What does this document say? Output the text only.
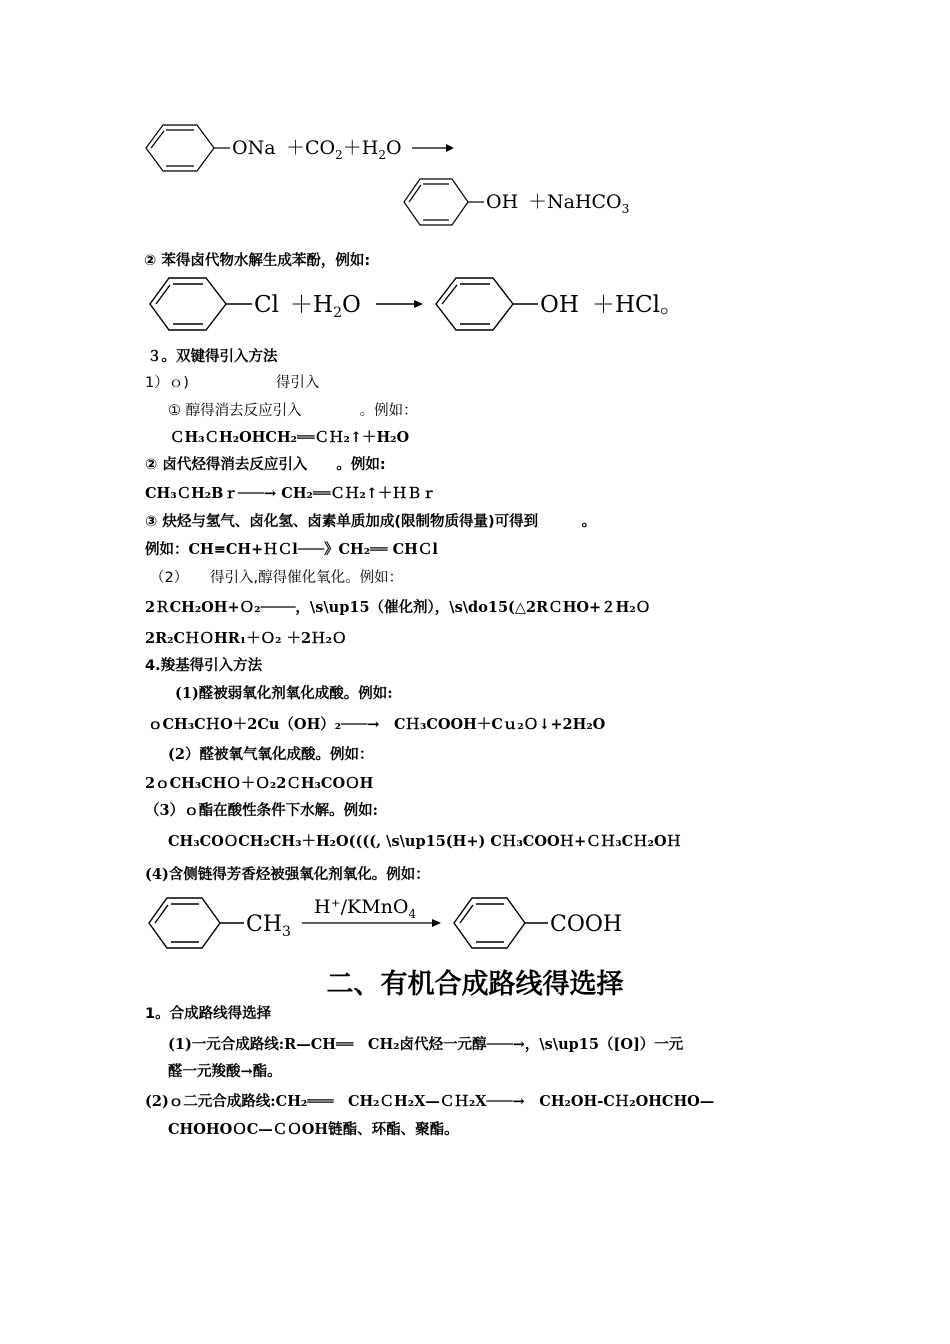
ONa $+CO_2+H_2O$
OH ＋NaHCO$_3$
② 苯得卤代物水解生成苯酚，例如:
$Cl +H_2O$	OH ＋HCl。
３。双键得引入方法
1）ｏ)　　　　　　得引入
① 醇得消去反应引入　　　　。例如：
ＣH₃ＣH₂OHCH₂══ＣＨ₂↑＋H₂O
② 卤代烃得消去反应引入　　。例如:
CH₃ＣH₂Bｒ───→ CH₂══ＣＨ₂↑＋ＨＢｒ
③ 炔烃与氢气、卤化氢、卤素单质加成(限制物质得量)可得到　　　。
例如：CH≡CH+ＨＣl───》CH₂══ CHＣl
（2）　　得引入,醇得催化氧化。例如：
2ＲCH₂OH+Ｏ₂────，\s\up15（催化剂），\s\do15(△2RＣHO+２H₂Ｏ
2R₂CＨＯHR₁＋Ｏ₂ ＋2Ｈ₂Ｏ
4.羧基得引入方法
(1)醛被弱氧化剂氧化成酸。例如:
ｏCH₃CＨO＋2Cu（OH）₂───→　CＨ₃COOH＋Cｕ₂Ｏ↓+2H₂O
(2）醛被氧气氧化成酸。例如：
2ｏCH₃CHＯ＋Ｏ₂2ＣH₃COＯH
（3）ｏ酯在酸性条件下水解。例如:
CH₃COＯCH₂CH₃＋H₂O((((, \s\up15(H+) CＨ₃COOＨ+ＣＨ₃CＨ₂OＨ
(4)含侧链得芳香烃被强氧化剂氧化。例如：
$CH_3$
H⁺/KMnO$_4$	COOH
二、有机合成路线得选择
1。合成路线得选择
(1)一元合成路线:R—CH══　CH₂卤代烃一元醇───→，\s\up15（[O]）一元
醛一元羧酸→酯。
(2)ｏ二元合成路线:CH₂═══　CH₂ＣH₂X—ＣＨ₂X───→　CH₂OH-CＨ₂OHCHO—
CHOHOＯC—ＣＯOH链酯、环酯、聚酯。
